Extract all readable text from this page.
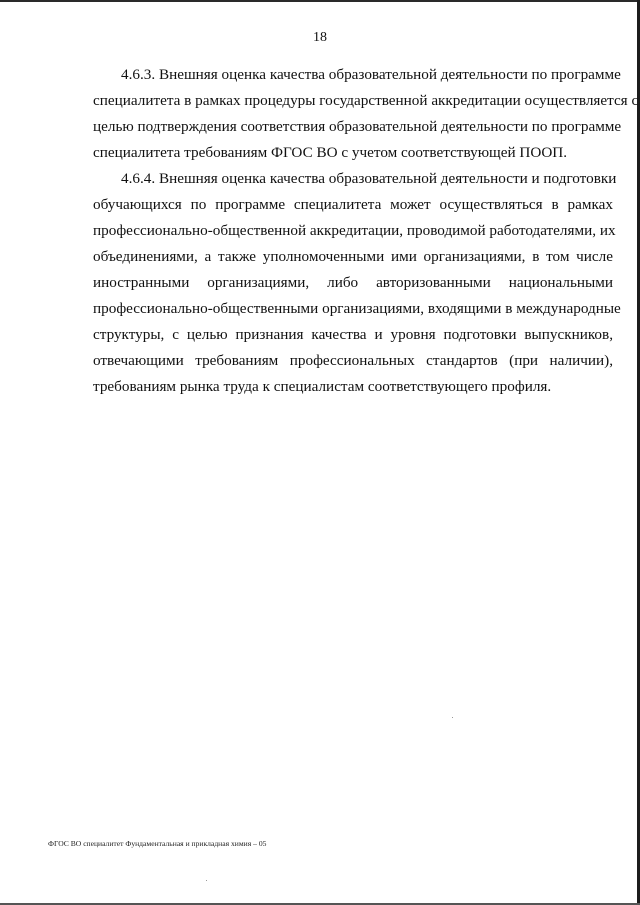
18
4.6.3. Внешняя оценка качества образовательной деятельности по программе
специалитета в рамках процедуры государственной аккредитации осуществляется с
целью подтверждения соответствия образовательной деятельности по программе
специалитета требованиям ФГОС ВО с учетом соответствующей ПООП.
4.6.4. Внешняя оценка качества образовательной деятельности и подготовки
обучающихся по программе специалитета может осуществляться в рамках
профессионально-общественной аккредитации, проводимой работодателями, их
объединениями, а также уполномоченными ими организациями, в том числе
иностранными организациями, либо авторизованными национальными
профессионально-общественными организациями, входящими в международные
структуры, с целью признания качества и уровня подготовки выпускников,
отвечающими требованиям профессиональных стандартов (при наличии),
требованиям рынка труда к специалистам соответствующего профиля.
ФГОС ВО специалитет Фундаментальная и прикладная химия – 05
